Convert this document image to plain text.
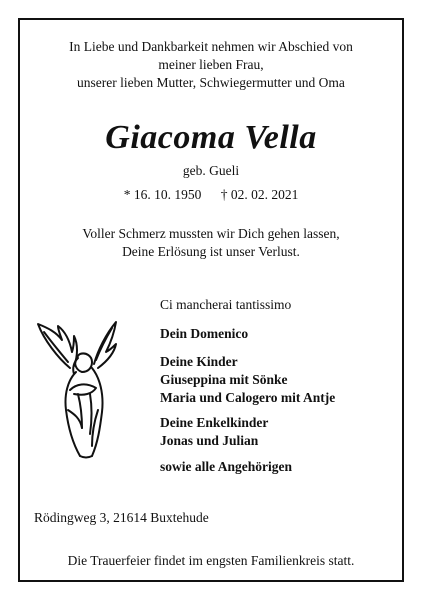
In Liebe und Dankbarkeit nehmen wir Abschied von
meiner lieben Frau,
unserer lieben Mutter, Schwiegermutter und Oma
Giacoma Vella
geb. Gueli
* 16. 10. 1950 † 02. 02. 2021
Voller Schmerz mussten wir Dich gehen lassen,
Deine Erlösung ist unser Verlust.
Ci mancherai tantissimo
Dein Domenico
Deine Kinder
Giuseppina mit Sönke
Maria und Calogero mit Antje
Deine Enkelkinder
Jonas und Julian
sowie alle Angehörigen
Rödingweg 3, 21614 Buxtehude
Die Trauerfeier findet im engsten Familienkreis statt.
